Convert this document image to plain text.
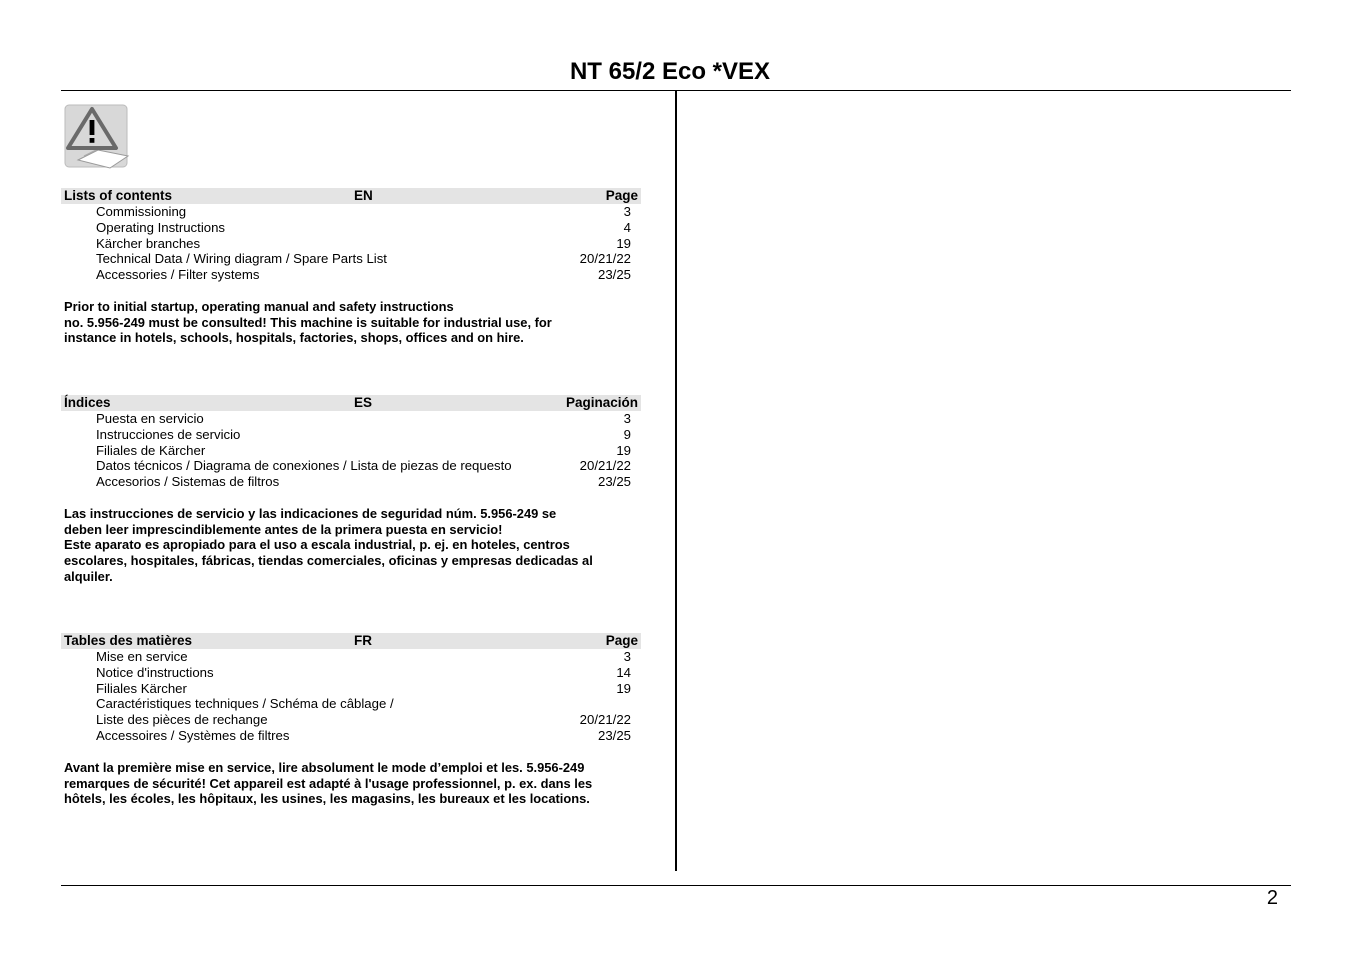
NT 65/2 Eco *VEX
Lists of contents	EN	Page
Commissioning	3
Operating Instructions	4
Kärcher branches	19
Technical Data / Wiring diagram / Spare Parts List	20/21/22
Accessories / Filter systems	23/25
Prior to initial startup, operating manual and safety instructions
no. 5.956-249 must be consulted! This machine is suitable for industrial use, for
instance in hotels, schools, hospitals, factories, shops, offices and on hire.
Índices	ES	Paginación
Puesta en servicio	3
Instrucciones de servicio	9
Filiales de Kärcher	19
Datos técnicos / Diagrama de conexiones / Lista de piezas de requesto	20/21/22
Accesorios / Sistemas de filtros	23/25
Las instrucciones de servicio y las indicaciones de seguridad núm. 5.956-249 se
deben leer imprescindiblemente antes de la primera puesta en servicio!
Este aparato es apropiado para el uso a escala industrial, p. ej. en hoteles, centros
escolares, hospitales, fábricas, tiendas comerciales, oficinas y empresas dedicadas al
alquiler.
Tables des matières	FR	Page
Mise en service	3
Notice d'instructions	14
Filiales Kärcher	19
Caractéristiques techniques / Schéma de câblage /
Liste des pièces de rechange	20/21/22
Accessoires / Systèmes de filtres	23/25
Avant la première mise en service, lire absolument le mode d’emploi et les. 5.956-249
remarques de sécurité! Cet appareil est adapté à l'usage professionnel, p. ex. dans les
hôtels, les écoles, les hôpitaux, les usines, les magasins, les bureaux et les locations.
2
